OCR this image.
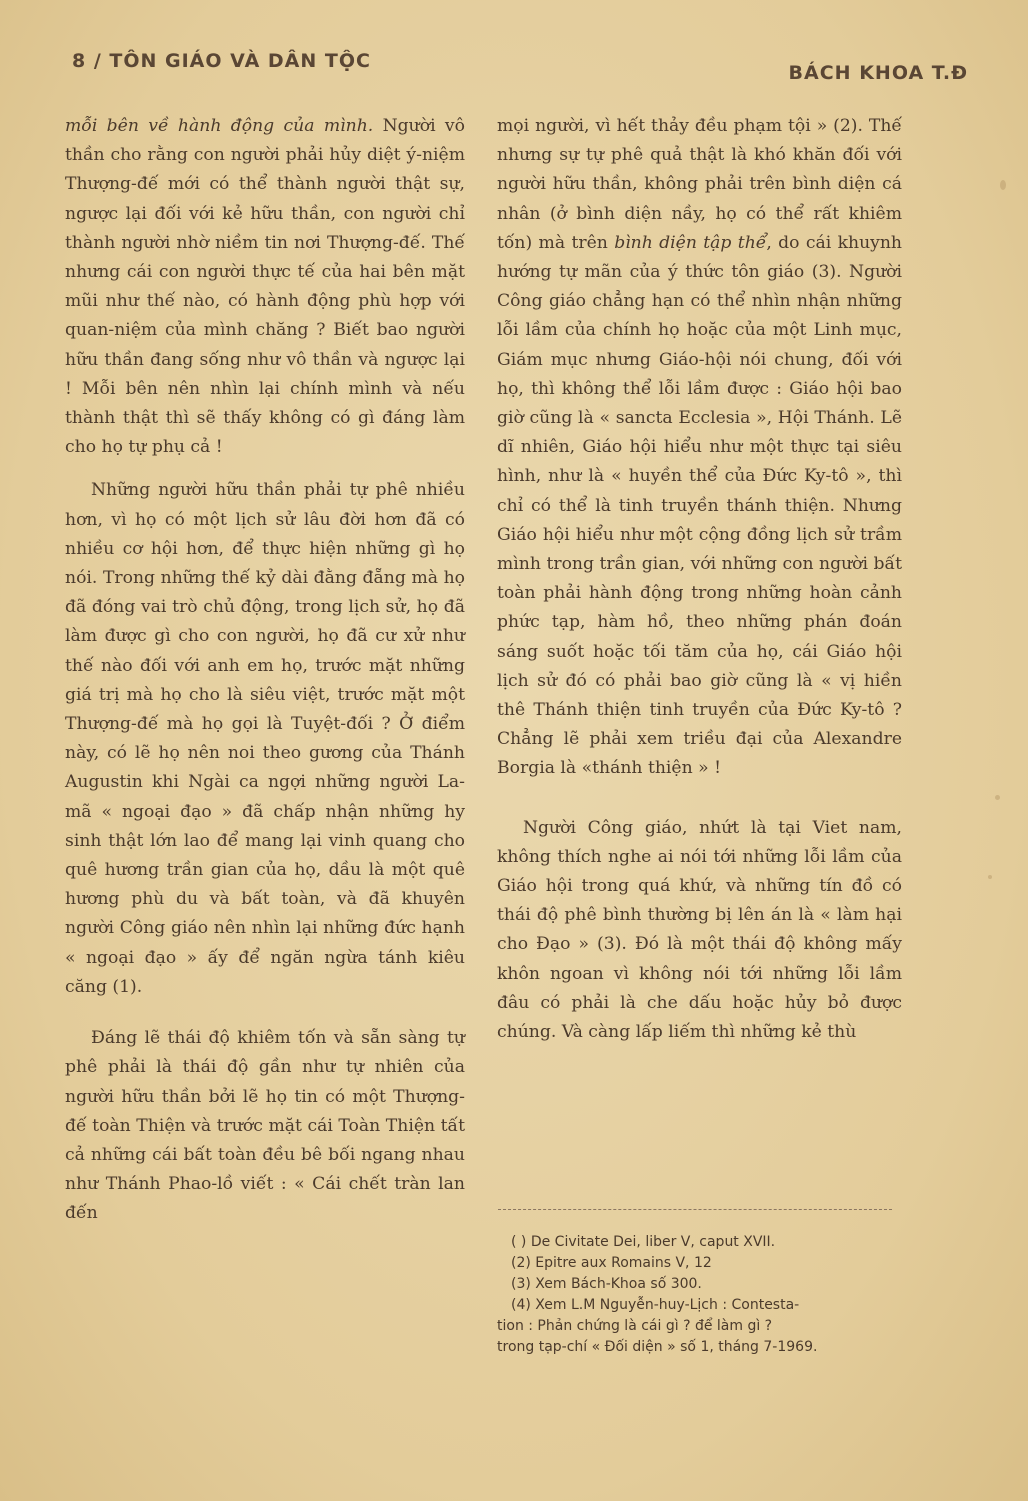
8 / TÔN GIÁO VÀ DÂN TỘC
BÁCH KHOA T.Đ

mỗi bên về hành động của mình. Người vô thần cho rằng con người phải hủy diệt ý-niệm Thượng-đế mới có thể thành người thật sự, ngược lại đối với kẻ hữu thần, con người chỉ thành người nhờ niềm tin nơi Thượng-đế. Thế nhưng cái con người thực tế của hai bên mặt mũi như thế nào, có hành động phù hợp với quan-niệm của mình chăng ? Biết bao người hữu thần đang sống như vô thần và ngược lại ! Mỗi bên nên nhìn lại chính mình và nếu thành thật thì sẽ thấy không có gì đáng làm cho họ tự phụ cả !

Những người hữu thần phải tự phê nhiều hơn, vì họ có một lịch sử lâu đời hơn đã có nhiều cơ hội hơn, để thực hiện những gì họ nói. Trong những thế kỷ dài đằng đẵng mà họ đã đóng vai trò chủ động, trong lịch sử, họ đã làm được gì cho con người, họ đã cư xử như thế nào đối với anh em họ, trước mặt những giá trị mà họ cho là siêu việt, trước mặt một Thượng-đế mà họ gọi là Tuyệt-đối ? Ở điểm này, có lẽ họ nên noi theo gương của Thánh Augustin khi Ngài ca ngợi những người La-mã « ngoại đạo » đã chấp nhận những hy sinh thật lớn lao để mang lại vinh quang cho quê hương trần gian của họ, dầu là một quê hương phù du và bất toàn, và đã khuyên người Công giáo nên nhìn lại những đức hạnh « ngoại đạo » ấy để ngăn ngừa tánh kiêu căng (1).

Đáng lẽ thái độ khiêm tốn và sẵn sàng tự phê phải là thái độ gần như tự nhiên của người hữu thần bởi lẽ họ tin có một Thượng-đế toàn Thiện và trước mặt cái Toàn Thiện tất cả những cái bất toàn đều bê bối ngang nhau như Thánh Phao-lồ viết : « Cái chết tràn lan đến

mọi người, vì hết thảy đều phạm tội » (2). Thế nhưng sự tự phê quả thật là khó khăn đối với người hữu thần, không phải trên bình diện cá nhân (ở bình diện nầy, họ có thể rất khiêm tốn) mà trên bình diện tập thể, do cái khuynh hướng tự mãn của ý thức tôn giáo (3). Người Công giáo chẳng hạn có thể nhìn nhận những lỗi lầm của chính họ hoặc của một Linh mục, Giám mục nhưng Giáo-hội nói chung, đối với họ, thì không thể lỗi lầm được : Giáo hội bao giờ cũng là « sancta Ecclesia », Hội Thánh. Lẽ dĩ nhiên, Giáo hội hiểu như một thực tại siêu hình, như là « huyền thể của Đức Ky-tô », thì chỉ có thể là tinh truyền thánh thiện. Nhưng Giáo hội hiểu như một cộng đồng lịch sử trầm mình trong trần gian, với những con người bất toàn phải hành động trong những hoàn cảnh phức tạp, hàm hồ, theo những phán đoán sáng suốt hoặc tối tăm của họ, cái Giáo hội lịch sử đó có phải bao giờ cũng là « vị hiền thê Thánh thiện tinh truyền của Đức Ky-tô ? Chẳng lẽ phải xem triều đại của Alexandre Borgia là «thánh thiện » !

Người Công giáo, nhứt là tại Viet nam, không thích nghe ai nói tới những lỗi lầm của Giáo hội trong quá khứ, và những tín đồ có thái độ phê bình thường bị lên án là « làm hại cho Đạo » (3). Đó là một thái độ không mấy khôn ngoan vì không nói tới những lỗi lầm đâu có phải là che dấu hoặc hủy bỏ được chúng. Và càng lấp liếm thì những kẻ thù

( ) De Civitate Dei, liber V, caput XVII.
(2) Epitre aux Romains V, 12
(3) Xem Bách-Khoa số 300.
(4) Xem L.M Nguyễn-huy-Lịch : Contesta-
tion : Phản chứng là cái gì ? để làm gì ?
trong tạp-chí « Đối diện » số 1, tháng 7-1969.
